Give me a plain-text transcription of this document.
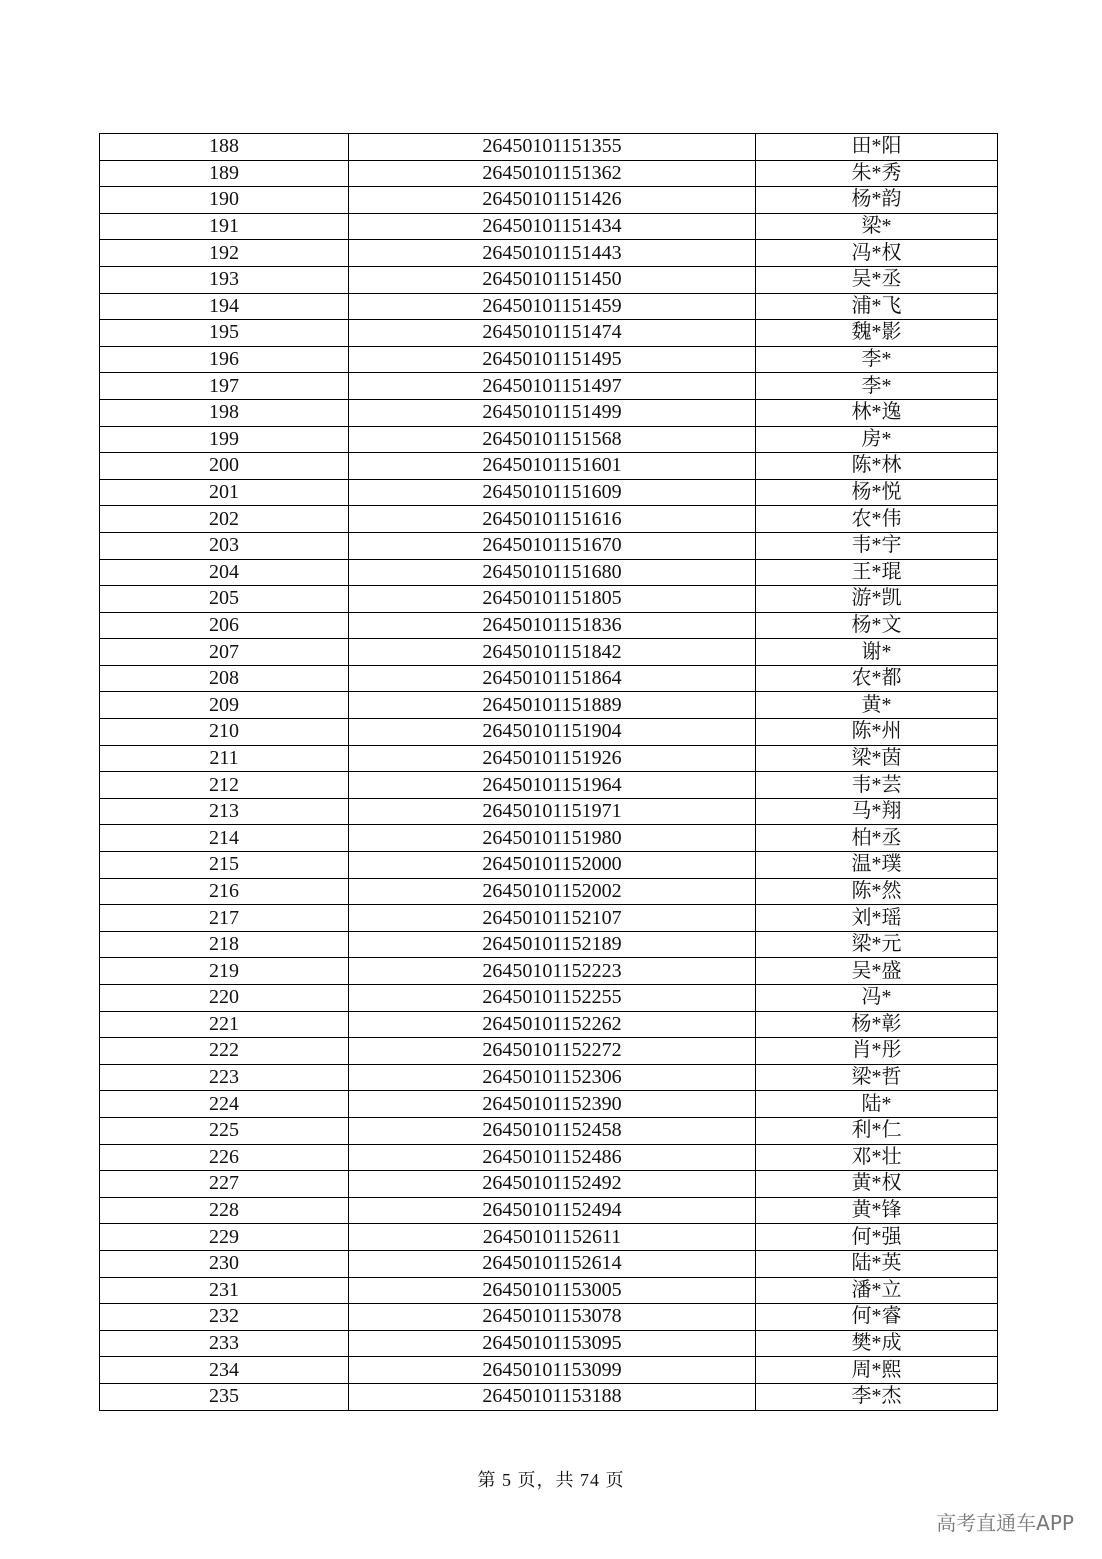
188	26450101151355	田*阳
189	26450101151362	朱*秀
190	26450101151426	杨*韵
191	26450101151434	梁*
192	26450101151443	冯*权
193	26450101151450	吴*丞
194	26450101151459	浦*飞
195	26450101151474	魏*影
196	26450101151495	李*
197	26450101151497	李*
198	26450101151499	林*逸
199	26450101151568	房*
200	26450101151601	陈*林
201	26450101151609	杨*悦
202	26450101151616	农*伟
203	26450101151670	韦*宇
204	26450101151680	王*琨
205	26450101151805	游*凯
206	26450101151836	杨*文
207	26450101151842	谢*
208	26450101151864	农*都
209	26450101151889	黄*
210	26450101151904	陈*州
211	26450101151926	梁*茵
212	26450101151964	韦*芸
213	26450101151971	马*翔
214	26450101151980	柏*丞
215	26450101152000	温*璞
216	26450101152002	陈*然
217	26450101152107	刘*瑶
218	26450101152189	梁*元
219	26450101152223	吴*盛
220	26450101152255	冯*
221	26450101152262	杨*彰
222	26450101152272	肖*彤
223	26450101152306	梁*哲
224	26450101152390	陆*
225	26450101152458	利*仁
226	26450101152486	邓*壮
227	26450101152492	黄*权
228	26450101152494	黄*锋
229	26450101152611	何*强
230	26450101152614	陆*英
231	26450101153005	潘*立
232	26450101153078	何*睿
233	26450101153095	樊*成
234	26450101153099	周*熙
235	26450101153188	李*杰
第 5 页，共 74 页
高考直通车APP
